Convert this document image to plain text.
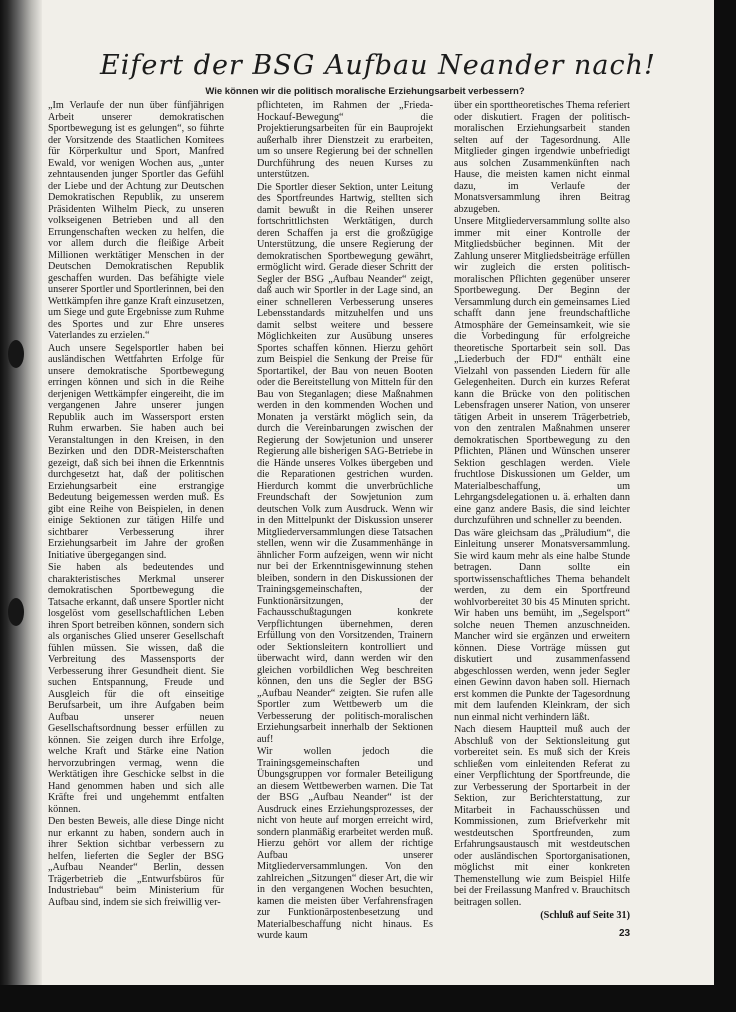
Eifert der BSG Aufbau Neander nach!
Wie können wir die politisch moralische Erziehungsarbeit verbessern?

„Im Verlaufe der nun über fünfjährigen Arbeit unserer demokratischen Sportbewegung ist es gelungen“, so führte der Vorsitzende des Staatlichen Komitees für Körperkultur und Sport, Manfred Ewald, vor wenigen Wochen aus, „unter zehntausenden junger Sportler das Gefühl der Liebe und der Achtung zur Deutschen Demokratischen Republik, zu unserem Präsidenten Wilhelm Pieck, zu unseren volkseigenen Betrieben und all den Errungenschaften wecken zu helfen, die vor allem durch die fleißige Arbeit Millionen werktätiger Menschen in der Deutschen Demokratischen Republik geschaffen wurden. Das befähigte viele unserer Sportler und Sportlerinnen, bei den Wettkämpfen ihre ganze Kraft einzusetzen, um Siege und gute Ergebnisse zum Ruhme des Sportes und zur Ehre unseres Vaterlandes zu erzielen.“

Auch unsere Segelsportler haben bei ausländischen Wettfahrten Erfolge für unsere demokratische Sportbewegung erringen können und sich in die Reihe derjenigen Wettkämpfer eingereiht, die im vergangenen Jahre unserer jungen Republik auch im Wassersport ersten Ruhm erwarben. Sie haben auch bei Veranstaltungen in den Kreisen, in den Bezirken und den DDR-Meisterschaften gezeigt, daß sich bei ihnen die Erkenntnis durchgesetzt hat, daß der politischen Erziehungsarbeit eine erstrangige Bedeutung beigemessen werden muß. Es gibt eine Reihe von Beispielen, in denen einige Sektionen zur tätigen Hilfe und sichtbarer Verbesserung ihrer Erziehungsarbeit im Jahre der großen Initiative übergegangen sind.

Sie haben als bedeutendes und charakteristisches Merkmal unserer demokratischen Sportbewegung die Tatsache erkannt, daß unsere Sportler nicht losgelöst vom gesellschaftlichen Leben ihren Sport betreiben können, sondern sich als organisches Glied unserer Gesellschaft fühlen müssen. Sie wissen, daß die Verbreitung des Massensports der Verbesserung ihrer Gesundheit dient. Sie suchen Entspannung, Freude und Ausgleich für die oft einseitige Berufsarbeit, um ihre Aufgaben beim Aufbau unserer neuen Gesellschaftsordnung besser erfüllen zu können. Sie zeigen durch ihre Erfolge, welche Kraft und Stärke eine Nation hervorzubringen vermag, wenn die Werktätigen ihre Geschicke selbst in die Hand genommen haben und sich alle Kräfte frei und ungehemmt entfalten können.

Den besten Beweis, alle diese Dinge nicht nur erkannt zu haben, sondern auch in ihrer Sektion sichtbar verbessern zu helfen, lieferten die Segler der BSG „Aufbau Neander“ Berlin, dessen Trägerbetrieb die „Entwurfsbüros für Industriebau“ beim Ministerium für Aufbau sind, indem sie sich freiwillig ver-

pflichteten, im Rahmen der „Frieda-Hockauf-Bewegung“ die Projektierungsarbeiten für ein Bauprojekt außerhalb ihrer Dienstzeit zu erarbeiten, um so unsere Regierung bei der schnellen Durchführung des neuen Kurses zu unterstützen.

Die Sportler dieser Sektion, unter Leitung des Sportfreundes Hartwig, stellten sich damit bewußt in die Reihen unserer fortschrittlichsten Werktätigen, durch deren Schaffen ja erst die großzügige Unterstützung, die unsere Regierung der demokratischen Sportbewegung gewährt, ermöglicht wird. Gerade dieser Schritt der Segler der BSG „Aufbau Neander“ zeigt, daß auch wir Sportler in der Lage sind, an einer schnelleren Verbesserung unseres Lebensstandards mitzuhelfen und uns damit selbst weitere und bessere Möglichkeiten zur Ausübung unseres Sportes schaffen können. Hierzu gehört zum Beispiel die Senkung der Preise für Sportartikel, der Bau von neuen Booten oder die Bereitstellung von Mitteln für den Bau von Steganlagen; diese Maßnahmen werden in den kommenden Wochen und Monaten ja verstärkt möglich sein, da durch die Vereinbarungen zwischen der Regierung der Sowjetunion und unserer Regierung alle bisherigen SAG-Betriebe in die Hände unseres Volkes übergeben und die Reparationen gestrichen wurden. Hierdurch kommt die unverbrüchliche Freundschaft der Sowjetunion zum deutschen Volk zum Ausdruck. Wenn wir in den Mittelpunkt der Diskussion unserer Mitgliederversammlungen diese Tatsachen stellen, wenn wir die Zusammenhänge in ähnlicher Form aufzeigen, wenn wir nicht nur bei der Erkenntnisgewinnung stehen bleiben, sondern in den Diskussionen der Trainingsgemeinschaften, der Funktionärsitzungen, der Fachausschußtagungen konkrete Verpflichtungen übernehmen, deren Erfüllung von den Vorsitzenden, Trainern oder Sektionsleitern kontrolliert und überwacht wird, dann werden wir den gleichen vorbildlichen Weg beschreiten können, den uns die Segler der BSG „Aufbau Neander“ zeigten. Sie rufen alle Sportler zum Wettbewerb um die Verbesserung der politisch-moralischen Erziehungsarbeit innerhalb der Sektionen auf!

Wir wollen jedoch die Trainingsgemeinschaften und Übungsgruppen vor formaler Beteiligung an diesem Wettbewerben warnen. Die Tat der BSG „Aufbau Neander“ ist der Ausdruck eines Erziehungsprozesses, der nicht von heute auf morgen erreicht wird, sondern planmäßig erarbeitet werden muß. Hierzu gehört vor allem der richtige Aufbau unserer Mitgliederversammlungen. Von den zahlreichen „Sitzungen“ dieser Art, die wir in den vergangenen Wochen besuchten, kamen die meisten über Verfahrensfragen zur Funktionärpostenbesetzung und Materialbeschaffung nicht hinaus. Es wurde kaum

über ein sporttheoretisches Thema referiert oder diskutiert. Fragen der politisch-moralischen Erziehungsarbeit standen selten auf der Tagesordnung. Alle Mitglieder gingen irgendwie unbefriedigt aus solchen Zusammenkünften nach Hause, die meisten kamen nicht einmal dazu, im Verlaufe der Monatsversammlung ihren Beitrag abzugeben.

Unsere Mitgliederversammlung sollte also immer mit einer Kontrolle der Mitgliedsbücher beginnen. Mit der Zahlung unserer Mitgliedsbeiträge erfüllen wir zugleich die ersten politisch-moralischen Pflichten gegenüber unserer Sportbewegung. Der Beginn der Versammlung durch ein gemeinsames Lied schafft dann jene freundschaftliche Atmosphäre der Gemeinsamkeit, wie sie die Vorbedingung für erfolgreiche theoretische Sportarbeit sein soll. Das „Liederbuch der FDJ“ enthält eine Vielzahl von passenden Liedern für alle Gelegenheiten. Durch ein kurzes Referat kann die Brücke von den politischen Lebensfragen unserer Nation, von unserer tätigen Arbeit in unserem Trägerbetrieb, von den zentralen Maßnahmen unserer demokratischen Sportbewegung zu den Pflichten, Plänen und Wünschen unserer Sektion geschlagen werden. Viele fruchtlose Diskussionen um Gelder, um Materialbeschaffung, um Lehrgangsdelegationen u. ä. erhalten dann eine ganz andere Basis, die sind leichter durchzuführen und schneller zu beenden.

Das wäre gleichsam das „Präludium“, die Einleitung unserer Monatsversammlung. Sie wird kaum mehr als eine halbe Stunde betragen. Dann sollte ein sportwissenschaftliches Thema behandelt werden, zu dem ein Sportfreund wohlvorbereitet 30 bis 45 Minuten spricht. Wir haben uns bemüht, im „Segelsport“ solche neuen Themen anzuschneiden. Mancher wird sie ergänzen und erweitern können. Diese Vorträge müssen gut diskutiert und zusammenfassend abgeschlossen werden, wenn jeder Segler einen Gewinn davon haben soll. Hiernach erst kommen die Punkte der Tagesordnung mit dem laufenden Kleinkram, der sich nun einmal nicht verhindern läßt.

Nach diesem Hauptteil muß auch der Abschluß von der Sektionsleitung gut vorbereitet sein. Es muß sich der Kreis schließen vom einleitenden Referat zu einer Verpflichtung der Sportfreunde, die zur Verbesserung der Sportarbeit in der Sektion, zur Berichterstattung, zur Mitarbeit in Fachausschüssen und Kommissionen, zum Briefverkehr mit westdeutschen Sportfreunden, zum Erfahrungsaustausch mit westdeutschen oder ausländischen Sportorganisationen, möglichst mit einer konkreten Themenstellung wie zum Beispiel Hilfe bei der Freilassung Manfred v. Brauchitsch beitragen sollen.

(Schluß auf Seite 31)
23
